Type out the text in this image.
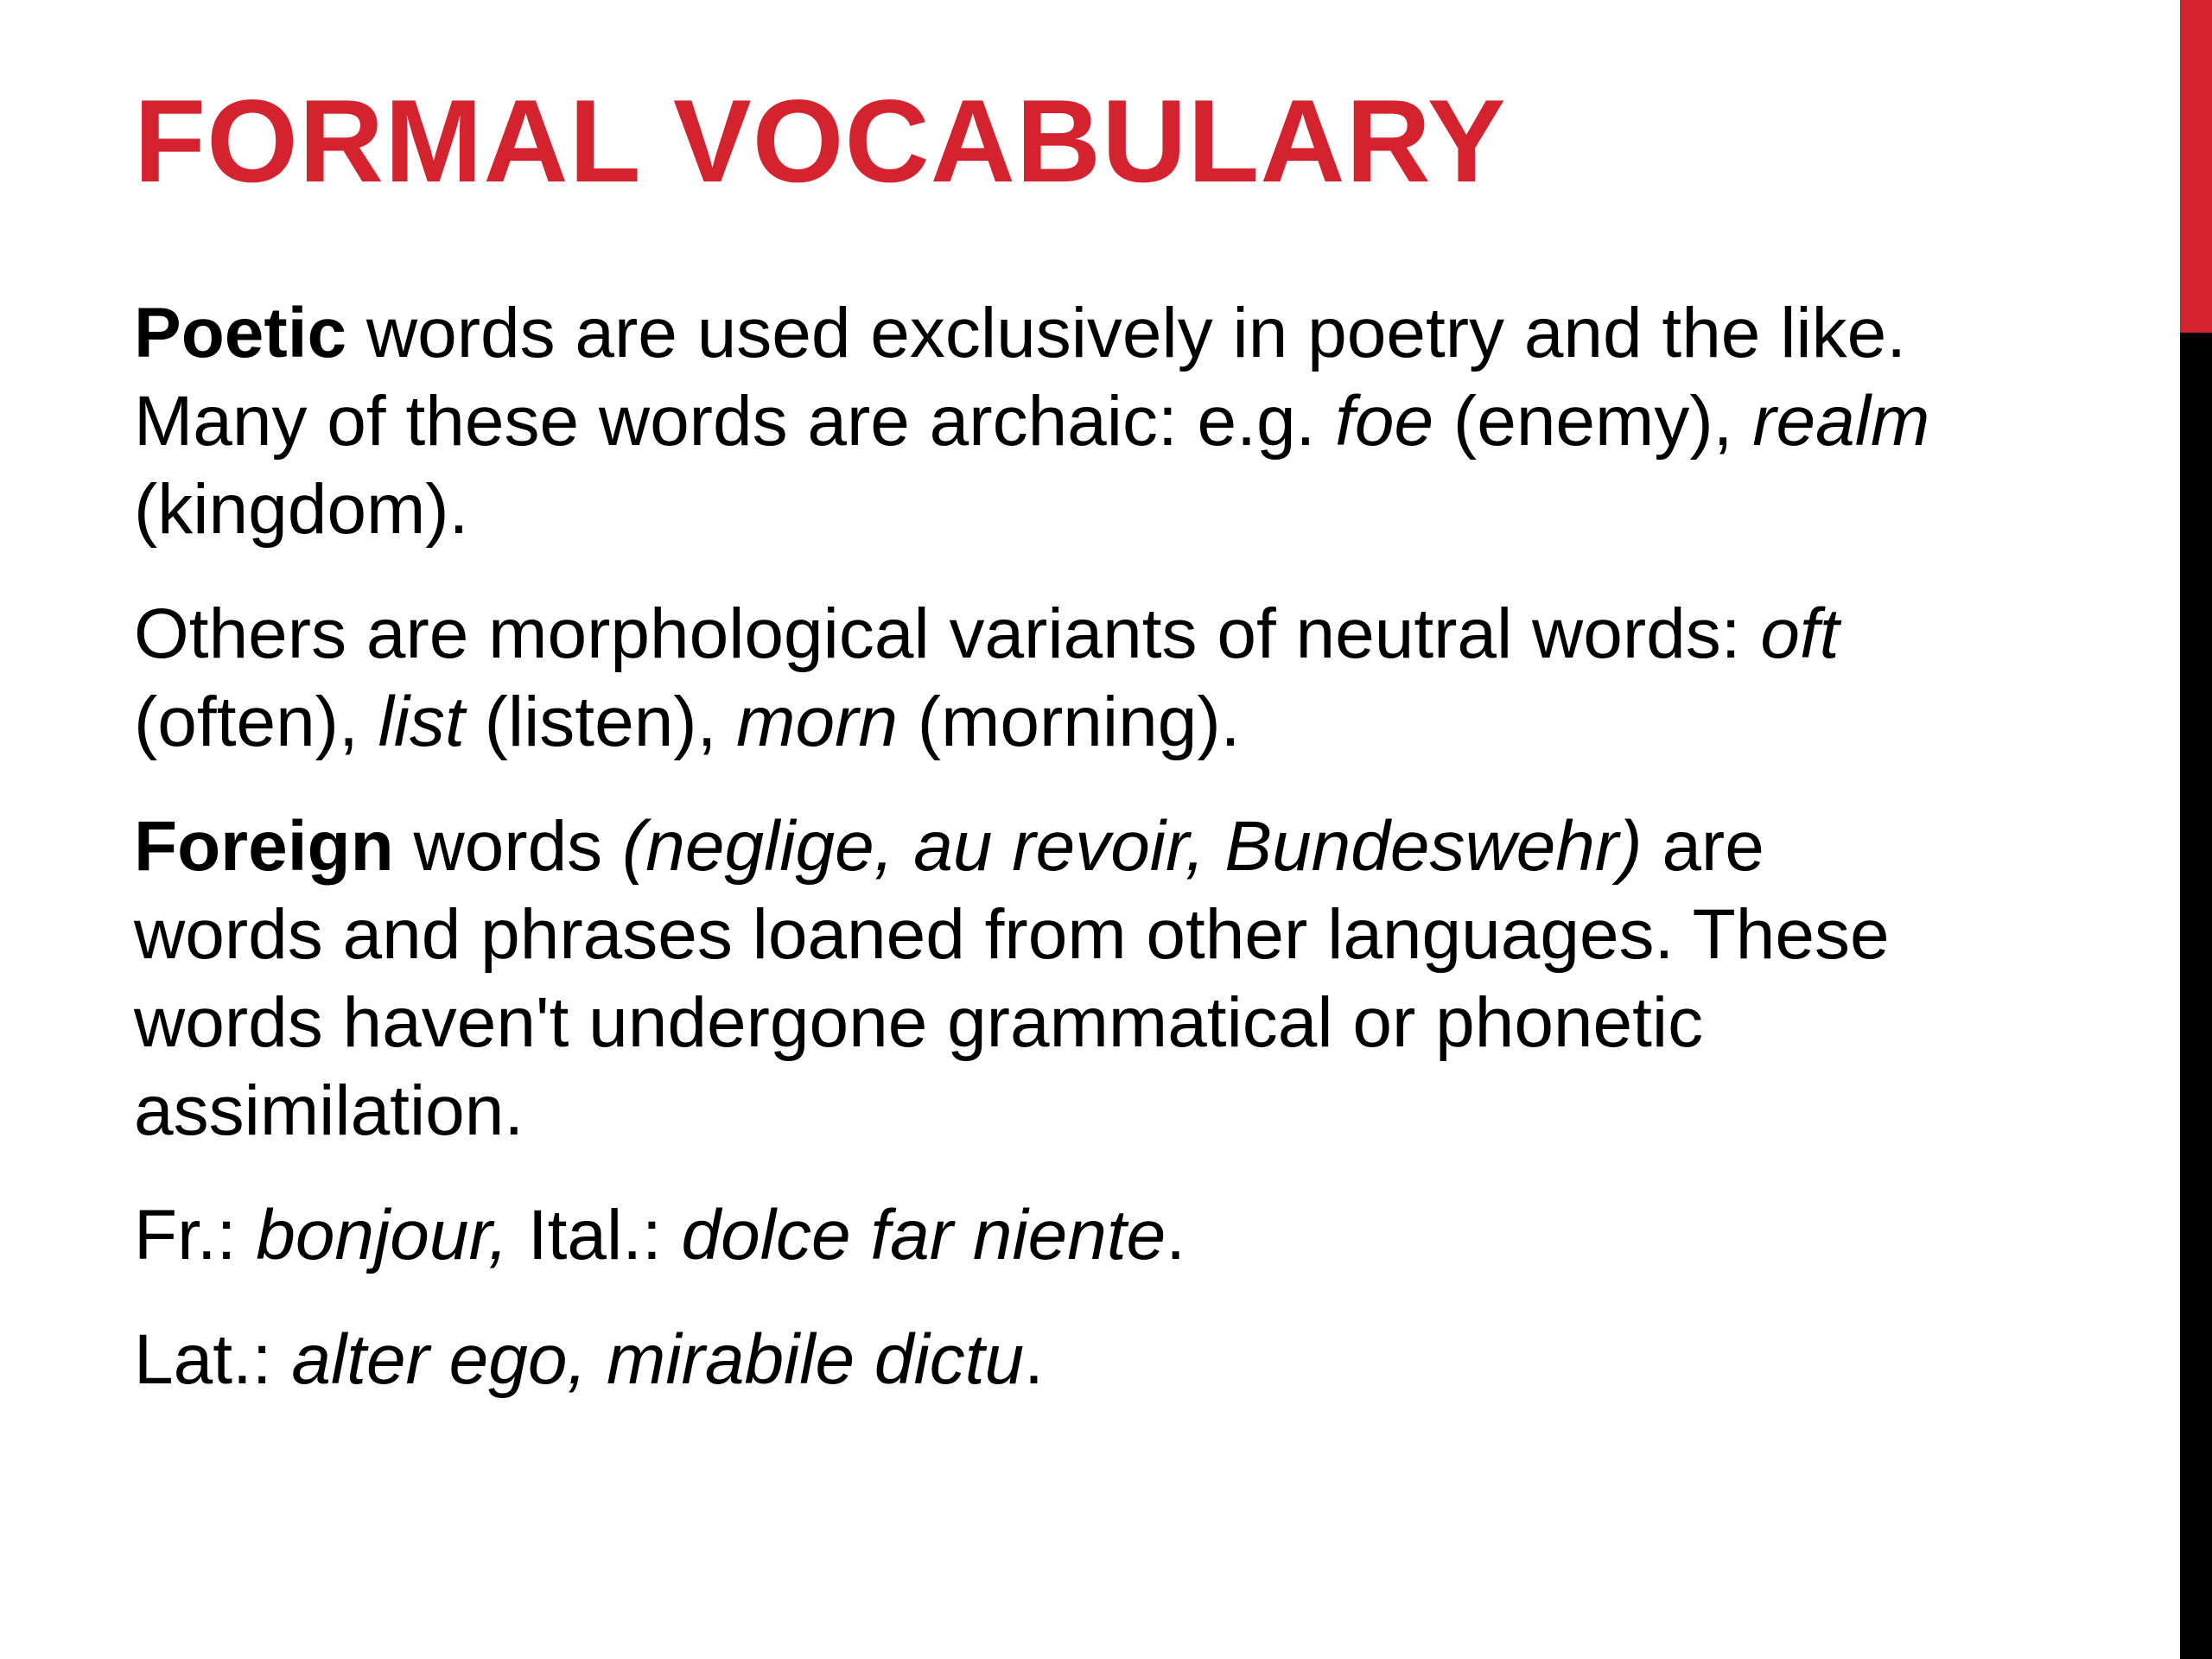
FORMAL VOCABULARY

Poetic words are used exclusively in poetry and the like.
Many of these words are archaic: e.g. foe (enemy), realm
(kingdom).

Others are morphological variants of neutral words: oft
(often), list (listen), morn (morning).

Foreign words (neglige, au revoir, Bundeswehr) are
words and phrases loaned from other languages. These
words haven't undergone grammatical or phonetic
assimilation.

Fr.: bonjour, Ital.: dolce far niente.

Lat.: alter ego, mirabile dictu.
